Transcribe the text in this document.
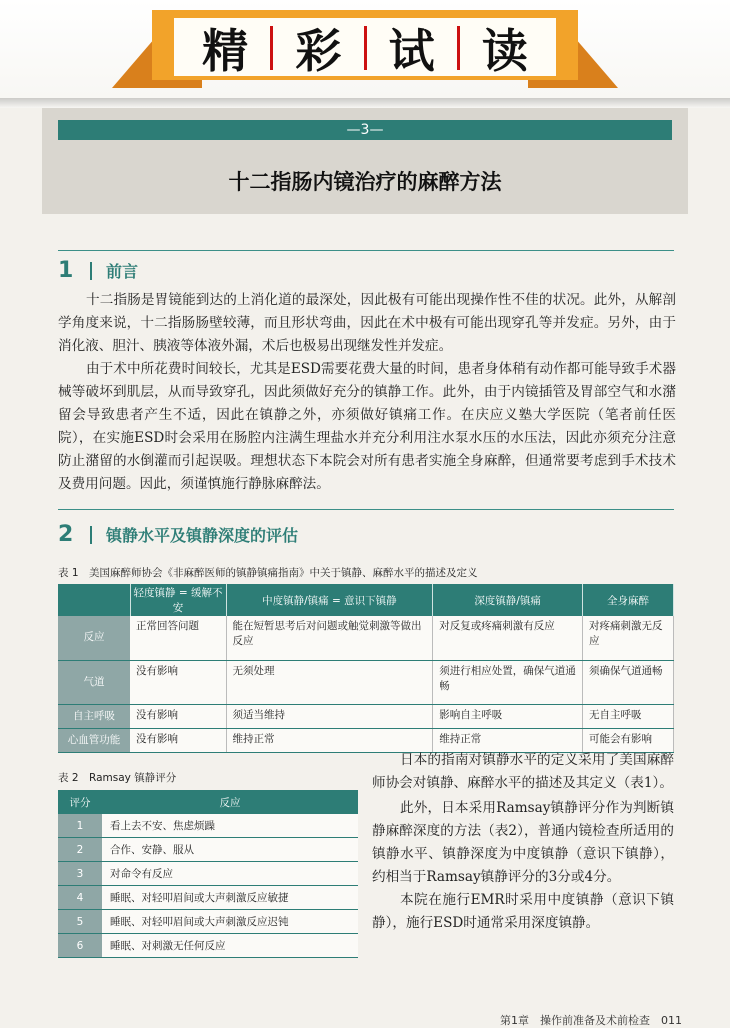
精	彩	试	读
—3—
十二指肠内镜治疗的麻醉方法
1	前言

十二指肠是胃镜能到达的上消化道的最深处，因此极有可能出现操作性不佳的状况。此外，从解剖学角度来说，十二指肠肠壁较薄，而且形状弯曲，因此在术中极有可能出现穿孔等并发症。另外，由于消化液、胆汁、胰液等体液外漏，术后也极易出现继发性并发症。

由于术中所花费时间较长，尤其是ESD需要花费大量的时间，患者身体稍有动作都可能导致手术器械等破坏到肌层，从而导致穿孔，因此须做好充分的镇静工作。此外，由于内镜插管及胃部空气和水潴留会导致患者产生不适，因此在镇静之外，亦须做好镇痛工作。在庆应义塾大学医院（笔者前任医院），在实施ESD时会采用在肠腔内注满生理盐水并充分利用注水泵水压的水压法，因此亦须充分注意防止潴留的水倒灌而引起误吸。理想状态下本院会对所有患者实施全身麻醉，但通常要考虑到手术技术及费用问题。因此，须谨慎施行静脉麻醉法。

2	镇静水平及镇静深度的评估
表 1　美国麻醉师协会《非麻醉医师的镇静镇痛指南》中关于镇静、麻醉水平的描述及定义
	轻度镇静 = 缓解不安	中度镇静/镇痛 = 意识下镇静	深度镇静/镇痛	全身麻醉
反应	正常回答问题	能在短暂思考后对问题或触觉刺激等做出反应	对反复或疼痛刺激有反应	对疼痛刺激无反应
气道	没有影响	无须处理	须进行相应处置，确保气道通畅	须确保气道通畅
自主呼吸	没有影响	须适当维持	影响自主呼吸	无自主呼吸
心血管功能	没有影响	维持正常	维持正常	可能会有影响
表 2　Ramsay 镇静评分
评分	反应
1	看上去不安、焦虑烦躁
2	合作、安静、服从
3	对命令有反应
4	睡眠、对轻叩眉间或大声刺激反应敏捷
5	睡眠、对轻叩眉间或大声刺激反应迟钝
6	睡眠、对刺激无任何反应

日本的指南对镇静水平的定义采用了美国麻醉师协会对镇静、麻醉水平的描述及其定义（表1）。

此外，日本采用Ramsay镇静评分作为判断镇静麻醉深度的方法（表2），普通内镜检查所适用的镇静水平、镇静深度为中度镇静（意识下镇静），约相当于Ramsay镇静评分的3分或4分。

本院在施行EMR时采用中度镇静（意识下镇静），施行ESD时通常采用深度镇静。

第1章　操作前准备及术前检查　011
